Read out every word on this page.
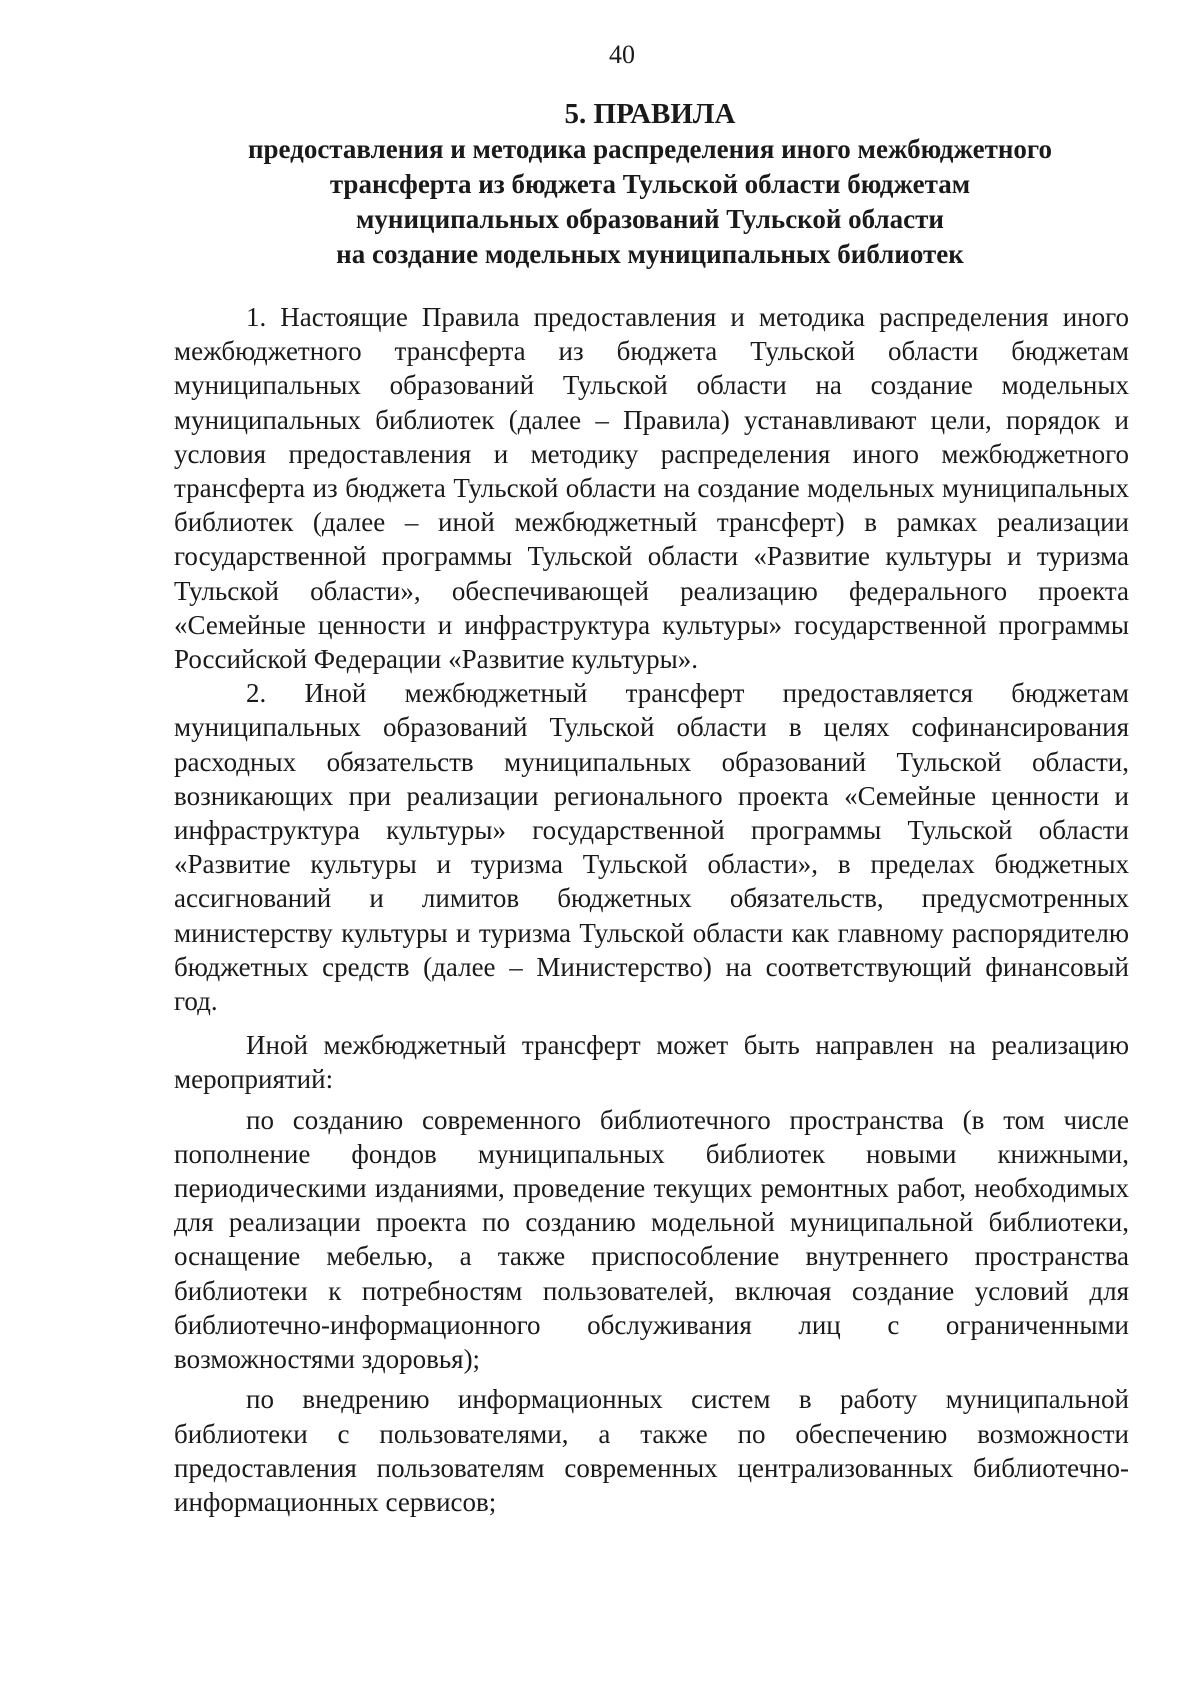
40
5. ПРАВИЛА
предоставления и методика распределения иного межбюджетного
трансферта из бюджета Тульской области бюджетам
муниципальных образований Тульской области
на создание модельных муниципальных библиотек

1. Настоящие Правила предоставления и методика распределения иного межбюджетного трансферта из бюджета Тульской области бюджетам муниципальных образований Тульской области на создание модельных муниципальных библиотек (далее – Правила) устанавливают цели, порядок и условия предоставления и методику распределения иного межбюджетного трансферта из бюджета Тульской области на создание модельных муниципальных библиотек (далее – иной межбюджетный трансферт) в рамках реализации государственной программы Тульской области «Развитие культуры и туризма Тульской области», обеспечивающей реализацию федерального проекта «Семейные ценности и инфраструктура культуры» государственной программы Российской Федерации «Развитие культуры».

2. Иной межбюджетный трансферт предоставляется бюджетам муниципальных образований Тульской области в целях софинансирования расходных обязательств муниципальных образований Тульской области, возникающих при реализации регионального проекта «Семейные ценности и инфраструктура культуры» государственной программы Тульской области «Развитие культуры и туризма Тульской области», в пределах бюджетных ассигнований и лимитов бюджетных обязательств, предусмотренных министерству культуры и туризма Тульской области как главному распорядителю бюджетных средств (далее – Министерство) на соответствующий финансовый год.

Иной межбюджетный трансферт может быть направлен на реализацию мероприятий:

по созданию современного библиотечного пространства (в том числе пополнение фондов муниципальных библиотек новыми книжными, периодическими изданиями, проведение текущих ремонтных работ, необходимых для реализации проекта по созданию модельной муниципальной библиотеки, оснащение мебелью, а также приспособление внутреннего пространства библиотеки к потребностям пользователей, включая создание условий для библиотечно-информационного обслуживания лиц с ограниченными возможностями здоровья);

по внедрению информационных систем в работу муниципальной библиотеки с пользователями, а также по обеспечению возможности предоставления пользователям современных централизованных библиотечно-информационных сервисов;
